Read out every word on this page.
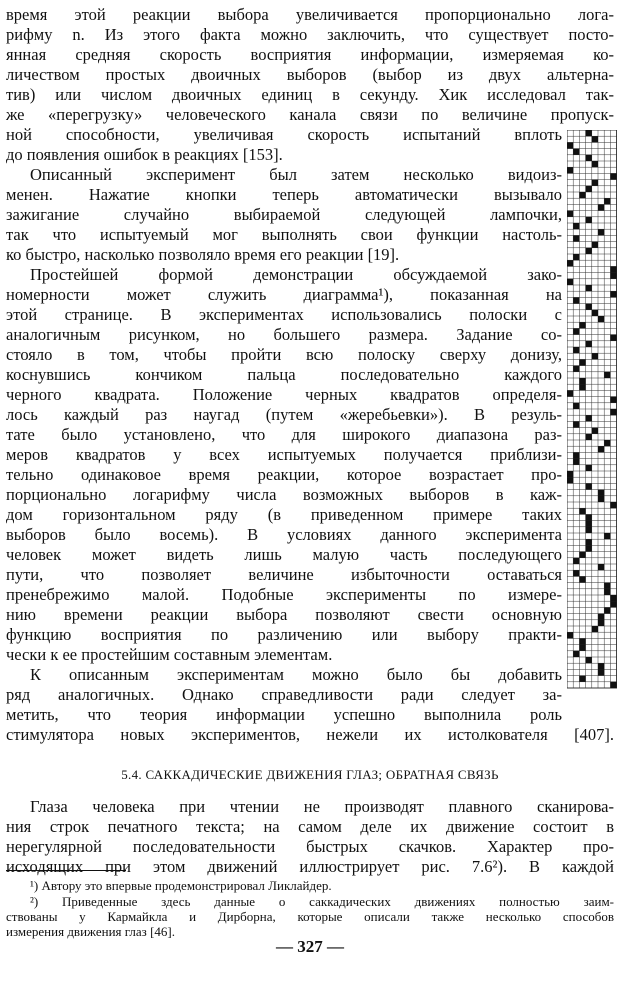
время этой реакции выбора увеличивается пропорционально лога-
рифму n. Из этого факта можно заключить, что существует посто-
янная средняя скорость восприятия информации, измеряемая ко-
личеством простых двоичных выборов (выбор из двух альтерна-
тив) или числом двоичных единиц в секунду. Хик исследовал так-
же «перегрузку» человеческого канала связи по величине пропуск-
ной способности, увеличивая скорость испытаний вплоть
до появления ошибок в реакциях [153].
Описанный эксперимент был затем несколько видоиз-
менен. Нажатие кнопки теперь автоматически вызывало
зажигание случайно выбираемой следующей лампочки,
так что испытуемый мог выполнять свои функции настоль-
ко быстро, насколько позволяло время его реакции [19].
Простейшей формой демонстрации обсуждаемой зако-
номерности может служить диаграмма¹), показанная на
этой странице. В экспериментах использовались полоски с
аналогичным рисунком, но большего размера. Задание со-
стояло в том, чтобы пройти всю полоску сверху донизу,
коснувшись кончиком пальца последовательно каждого
черного квадрата. Положение черных квадратов определя-
лось каждый раз наугад (путем «жеребьевки»). В резуль-
тате было установлено, что для широкого диапазона раз-
меров квадратов у всех испытуемых получается приблизи-
тельно одинаковое время реакции, которое возрастает про-
порционально логарифму числа возможных выборов в каж-
дом горизонтальном ряду (в приведенном примере таких
выборов было восемь). В условиях данного эксперимента
человек может видеть лишь малую часть последующего
пути, что позволяет величине избыточности оставаться
пренебрежимо малой. Подобные эксперименты по измере-
нию времени реакции выбора позволяют свести основную
функцию восприятия по различению или выбору практи-
чески к ее простейшим составным элементам.
К описанным экспериментам можно было бы добавить
ряд аналогичных. Однако справедливости ради следует за-
метить, что теория информации успешно выполнила роль
стимулятора новых экспериментов, нежели их истолкователя [407].
5.4. САККАДИЧЕСКИЕ ДВИЖЕНИЯ ГЛАЗ; ОБРАТНАЯ СВЯЗЬ
Глаза человека при чтении не производят плавного сканирова-
ния строк печатного текста; на самом деле их движение состоит в
нерегулярной последовательности быстрых скачков. Характер про-
исходящих при этом движений иллюстрирует рис. 7.6²). В каждой
¹) Автору это впервые продемонстрировал Ликлайдер.
²) Приведенные здесь данные о саккадических движениях полностью заим-
ствованы у Кармайкла и Дирборна, которые описали также несколько способов
измерения движения глаз [46].
— 327 —
